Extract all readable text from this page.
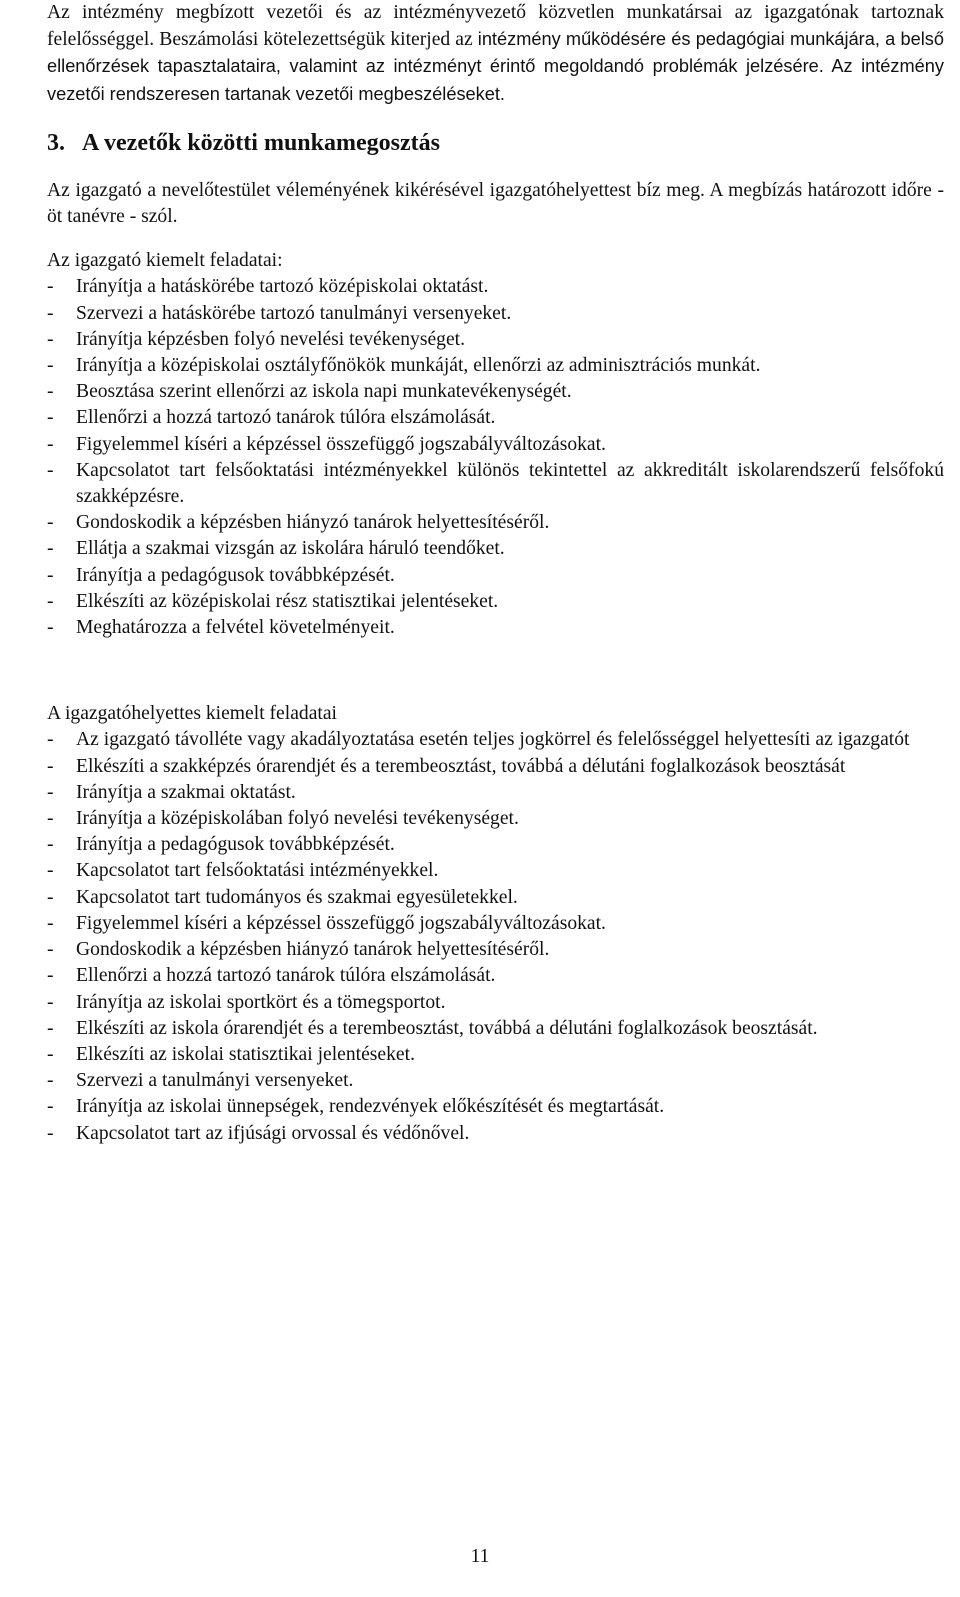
Az intézmény megbízott vezetői és az intézményvezető közvetlen munkatársai az igazgatónak tartoznak felelősséggel. Beszámolási kötelezettségük kiterjed az intézmény működésére és pedagógiai munkájára, a belső ellenőrzések tapasztalataira, valamint az intézményt érintő megoldandó problémák jelzésére. Az intézmény vezetői rendszeresen tartanak vezetői megbeszéléseket.
3. A vezetők közötti munkamegosztás

Az igazgató a nevelőtestület véleményének kikérésével igazgatóhelyettest bíz meg. A megbízás határozott időre - öt tanévre - szól.

Az igazgató kiemelt feladatai:
- Irányítja a hatáskörébe tartozó középiskolai oktatást.
- Szervezi a hatáskörébe tartozó tanulmányi versenyeket.
- Irányítja képzésben folyó nevelési tevékenységet.
- Irányítja a középiskolai osztályfőnökök munkáját, ellenőrzi az adminisztrációs munkát.
- Beosztása szerint ellenőrzi az iskola napi munkatevékenységét.
- Ellenőrzi a hozzá tartozó tanárok túlóra elszámolását.
- Figyelemmel kíséri a képzéssel összefüggő jogszabályváltozásokat.
- Kapcsolatot tart felsőoktatási intézményekkel különös tekintettel az akkreditált iskolarendszerű felsőfokú szakképzésre.
- Gondoskodik a képzésben hiányzó tanárok helyettesítéséről.
- Ellátja a szakmai vizsgán az iskolára háruló teendőket.
- Irányítja a pedagógusok továbbképzését.
- Elkészíti az középiskolai rész statisztikai jelentéseket.
- Meghatározza a felvétel követelményeit.
A igazgatóhelyettes kiemelt feladatai
- Az igazgató távolléte vagy akadályoztatása esetén teljes jogkörrel és felelősséggel helyettesíti az igazgatót
- Elkészíti a szakképzés órarendjét és a terembeosztást, továbbá a délutáni foglalkozások beosztását
- Irányítja a szakmai oktatást.
- Irányítja a középiskolában folyó nevelési tevékenységet.
- Irányítja a pedagógusok továbbképzését.
- Kapcsolatot tart felsőoktatási intézményekkel.
- Kapcsolatot tart tudományos és szakmai egyesületekkel.
- Figyelemmel kíséri a képzéssel összefüggő jogszabályváltozásokat.
- Gondoskodik a képzésben hiányzó tanárok helyettesítéséről.
- Ellenőrzi a hozzá tartozó tanárok túlóra elszámolását.
- Irányítja az iskolai sportkört és a tömegsportot.
- Elkészíti az iskola órarendjét és a terembeosztást, továbbá a délutáni foglalkozások beosztását.
- Elkészíti az iskolai statisztikai jelentéseket.
- Szervezi a tanulmányi versenyeket.
- Irányítja az iskolai ünnepségek, rendezvények előkészítését és megtartását.
- Kapcsolatot tart az ifjúsági orvossal és védőnővel.
11
